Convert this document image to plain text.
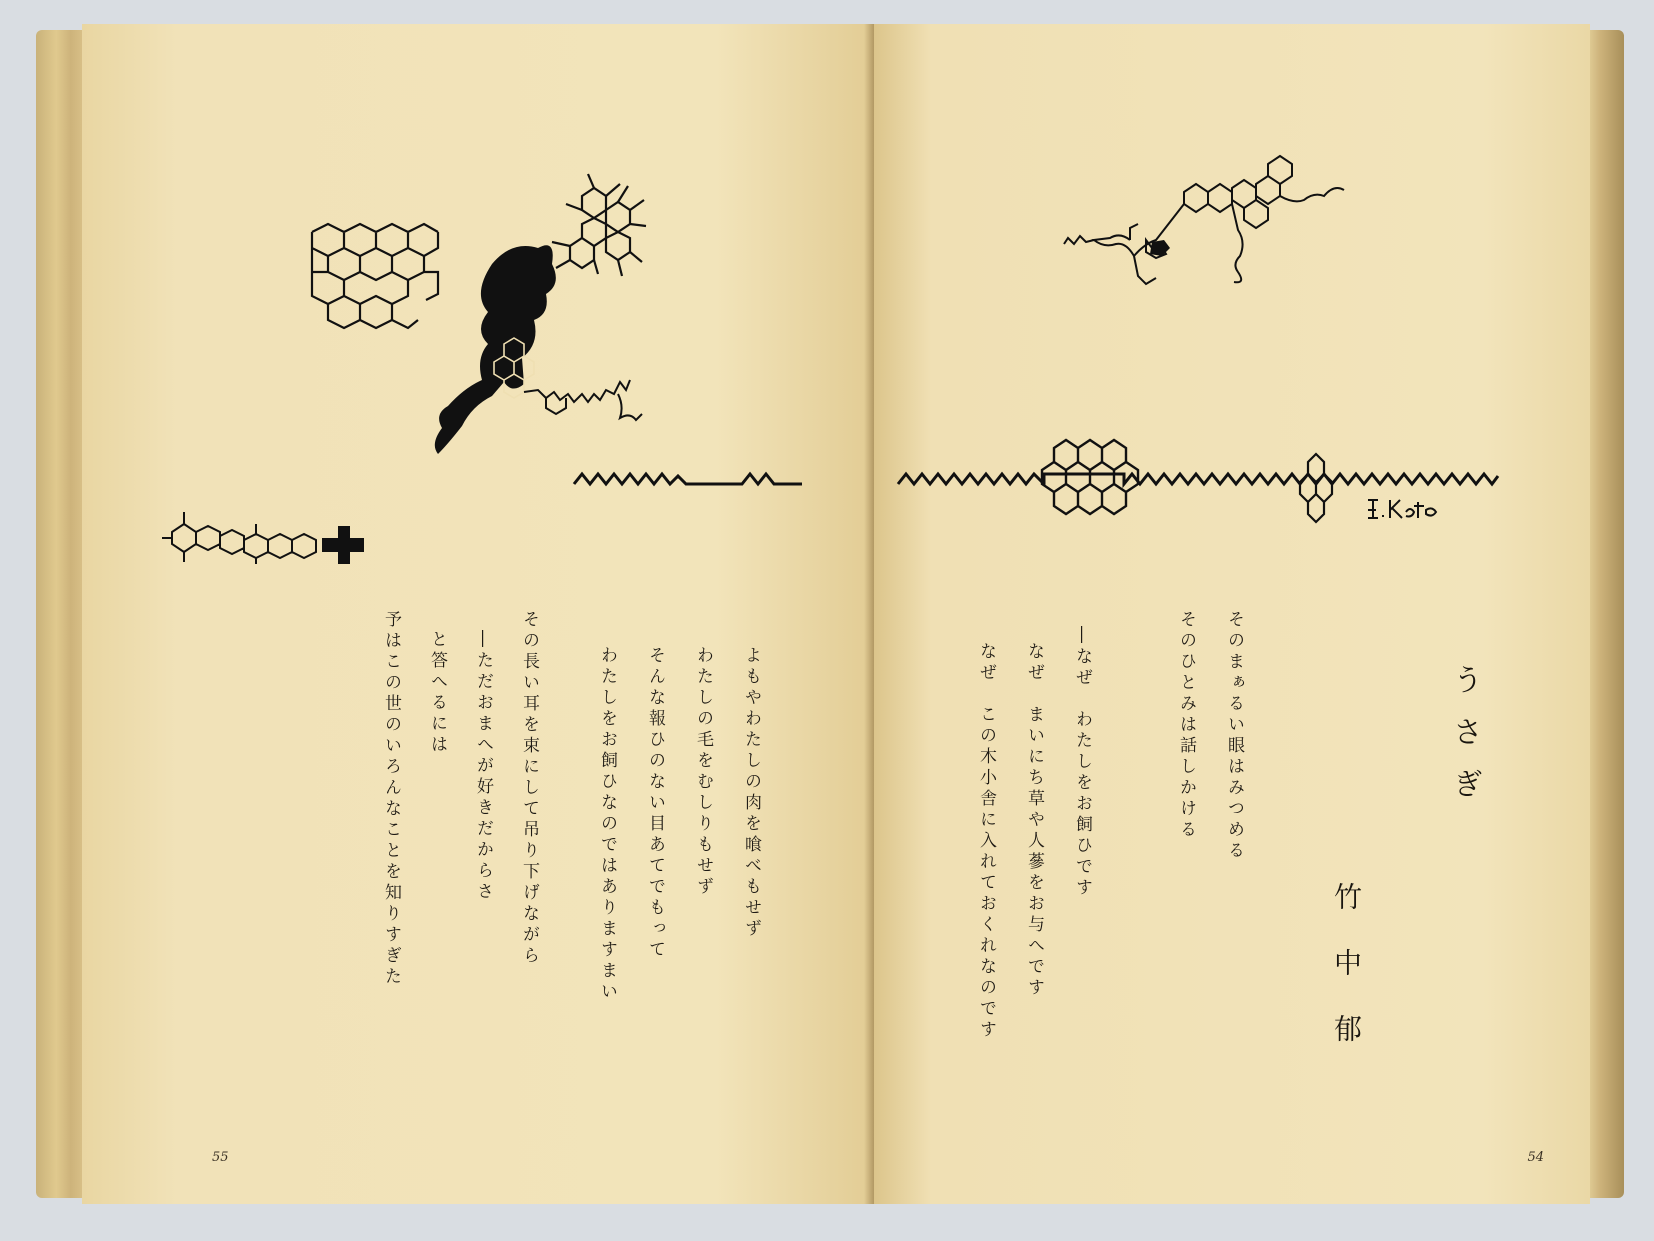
よもやわたしの肉を喰べもせず
わたしの毛をむしりもせず
そんな報ひのない目あてでもって
わたしをお飼ひなのではありますまい
その長い耳を束にして吊り下げながら
―ただおまへが好きだからさ
と答へるには
予はこの世のいろんなことを知りすぎた
55
うさぎ
竹中郁
そのまぁるい眼はみつめる
そのひとみは話しかける
―なぜ　わたしをお飼ひです
なぜ　まいにち草や人蔘をお与へです
なぜ　この木小舎に入れておくれなのです
54
